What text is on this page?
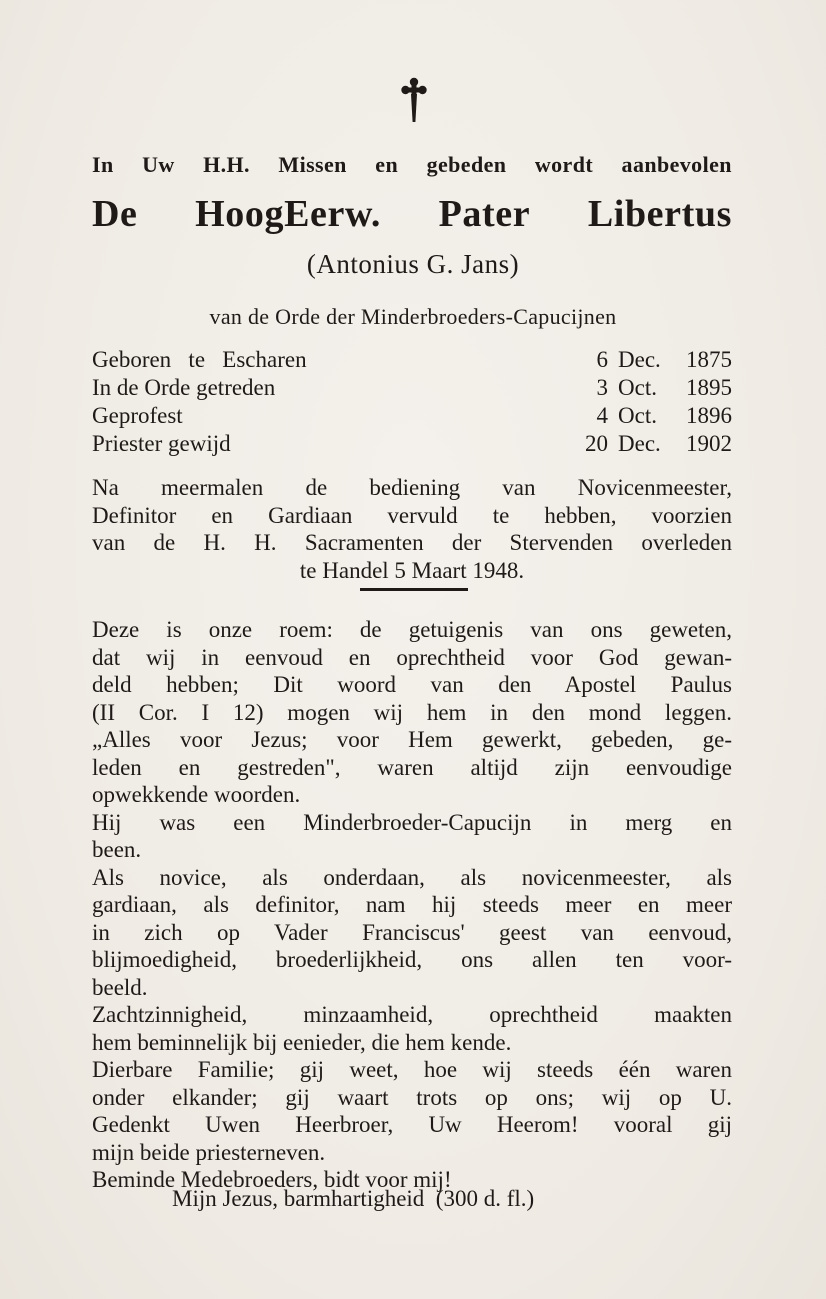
In Uw H.H. Missen en gebeden wordt aanbevolen
De HoogEerw. Pater Libertus
(Antonius G. Jans)
van de Orde der Minderbroeders-Capucijnen
Geboren   te   Escharen	6 Dec.	1875
In de Orde getreden	3 Oct.	1895
Geprofest	4 Oct.	1896
Priester gewijd	20 Dec.	1902
Na meermalen de bediening van Novicenmeester,
Definitor en Gardiaan vervuld te hebben, voorzien
van de H. H. Sacramenten der Stervenden overleden
te Handel 5 Maart 1948.
Deze is onze roem: de getuigenis van ons geweten,
dat wij in eenvoud en oprechtheid voor God gewan-
deld hebben; Dit woord van den Apostel Paulus
(II Cor. I 12) mogen wij hem in den mond leggen.
„Alles voor Jezus; voor Hem gewerkt, gebeden, ge-
leden en gestreden", waren altijd zijn eenvoudige
opwekkende woorden.
Hij was een Minderbroeder-Capucijn in merg en
been.
Als novice, als onderdaan, als novicenmeester, als
gardiaan, als definitor, nam hij steeds meer en meer
in zich op Vader Franciscus' geest van eenvoud,
blijmoedigheid, broederlijkheid, ons allen ten voor-
beeld.
Zachtzinnigheid, minzaamheid, oprechtheid maakten
hem beminnelijk bij eenieder, die hem kende.
Dierbare Familie; gij weet, hoe wij steeds één waren
onder elkander; gij waart trots op ons; wij op U.
Gedenkt Uwen Heerbroer, Uw Heerom! vooral gij
mijn beide priesterneven.
Beminde Medebroeders, bidt voor mij!
Mijn Jezus, barmhartigheid  (300 d. fl.)
